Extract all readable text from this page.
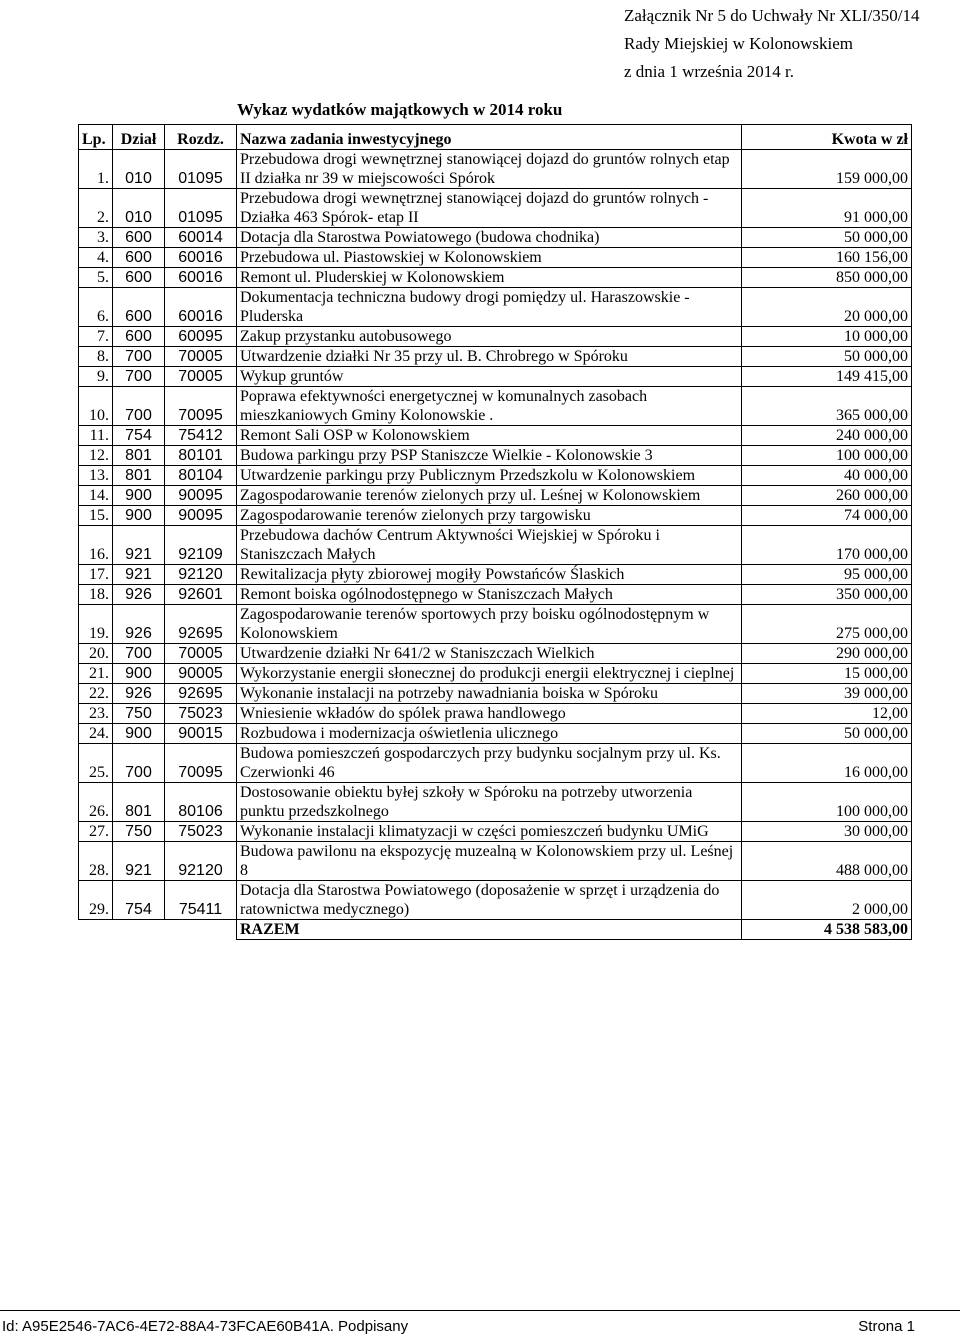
Załącznik Nr 5 do Uchwały Nr XLI/350/14
Rady Miejskiej w Kolonowskiem
z dnia 1 września 2014 r.
Wykaz wydatków majątkowych w 2014 roku
Lp.	Dział	Rozdz.	Nazwa zadania inwestycyjnego	Kwota w zł
1.	010	01095	Przebudowa drogi wewnętrznej stanowiącej dojazd do gruntów rolnych etap II działka nr 39 w miejscowości Spórok	159 000,00
2.	010	01095	Przebudowa drogi wewnętrznej stanowiącej dojazd do gruntów rolnych -Działka 463 Spórok- etap II	91 000,00
3.	600	60014	Dotacja dla Starostwa Powiatowego (budowa chodnika)	50 000,00
4.	600	60016	Przebudowa ul. Piastowskiej w Kolonowskiem	160 156,00
5.	600	60016	Remont ul. Pluderskiej w Kolonowskiem	850 000,00
6.	600	60016	Dokumentacja techniczna budowy drogi pomiędzy ul. Haraszowskie - Pluderska	20 000,00
7.	600	60095	Zakup przystanku autobusowego	10 000,00
8.	700	70005	Utwardzenie działki Nr 35 przy ul. B. Chrobrego w Spóroku	50 000,00
9.	700	70005	Wykup gruntów	149 415,00
10.	700	70095	Poprawa efektywności energetycznej w komunalnych zasobach mieszkaniowych Gminy Kolonowskie .	365 000,00
11.	754	75412	Remont Sali OSP w Kolonowskiem	240 000,00
12.	801	80101	Budowa parkingu przy PSP Staniszcze Wielkie - Kolonowskie 3	100 000,00
13.	801	80104	Utwardzenie parkingu przy Publicznym Przedszkolu w Kolonowskiem	40 000,00
14.	900	90095	Zagospodarowanie terenów zielonych przy ul. Leśnej w Kolonowskiem	260 000,00
15.	900	90095	Zagospodarowanie terenów zielonych przy targowisku	74 000,00
16.	921	92109	Przebudowa dachów Centrum Aktywności Wiejskiej w Spóroku i Staniszczach Małych	170 000,00
17.	921	92120	Rewitalizacja płyty zbiorowej mogiły Powstańców Ślaskich	95 000,00
18.	926	92601	Remont boiska ogólnodostępnego w Staniszczach Małych	350 000,00
19.	926	92695	Zagospodarowanie terenów sportowych przy boisku ogólnodostępnym w Kolonowskiem	275 000,00
20.	700	70005	Utwardzenie działki Nr 641/2 w Staniszczach Wielkich	290 000,00
21.	900	90005	Wykorzystanie energii słonecznej do produkcji energii elektrycznej i cieplnej	15 000,00
22.	926	92695	Wykonanie instalacji na potrzeby nawadniania boiska w Spóroku	39 000,00
23.	750	75023	Wniesienie wkładów do spólek prawa handlowego	12,00
24.	900	90015	Rozbudowa i modernizacja oświetlenia ulicznego	50 000,00
25.	700	70095	Budowa pomieszczeń gospodarczych przy budynku socjalnym przy ul. Ks. Czerwionki 46	16 000,00
26.	801	80106	Dostosowanie obiektu byłej szkoły w Spóroku na potrzeby utworzenia punktu przedszkolnego	100 000,00
27.	750	75023	Wykonanie instalacji klimatyzacji w części pomieszczeń budynku UMiG	30 000,00
28.	921	92120	Budowa pawilonu na ekspozycję muzealną w Kolonowskiem przy ul. Leśnej 8	488 000,00
29.	754	75411	Dotacja dla Starostwa Powiatowego (doposażenie w sprzęt i urządzenia do ratownictwa medycznego)	2 000,00
			RAZEM	4 538 583,00
Id: A95E2546-7AC6-4E72-88A4-73FCAE60B41A. Podpisany	Strona 1
